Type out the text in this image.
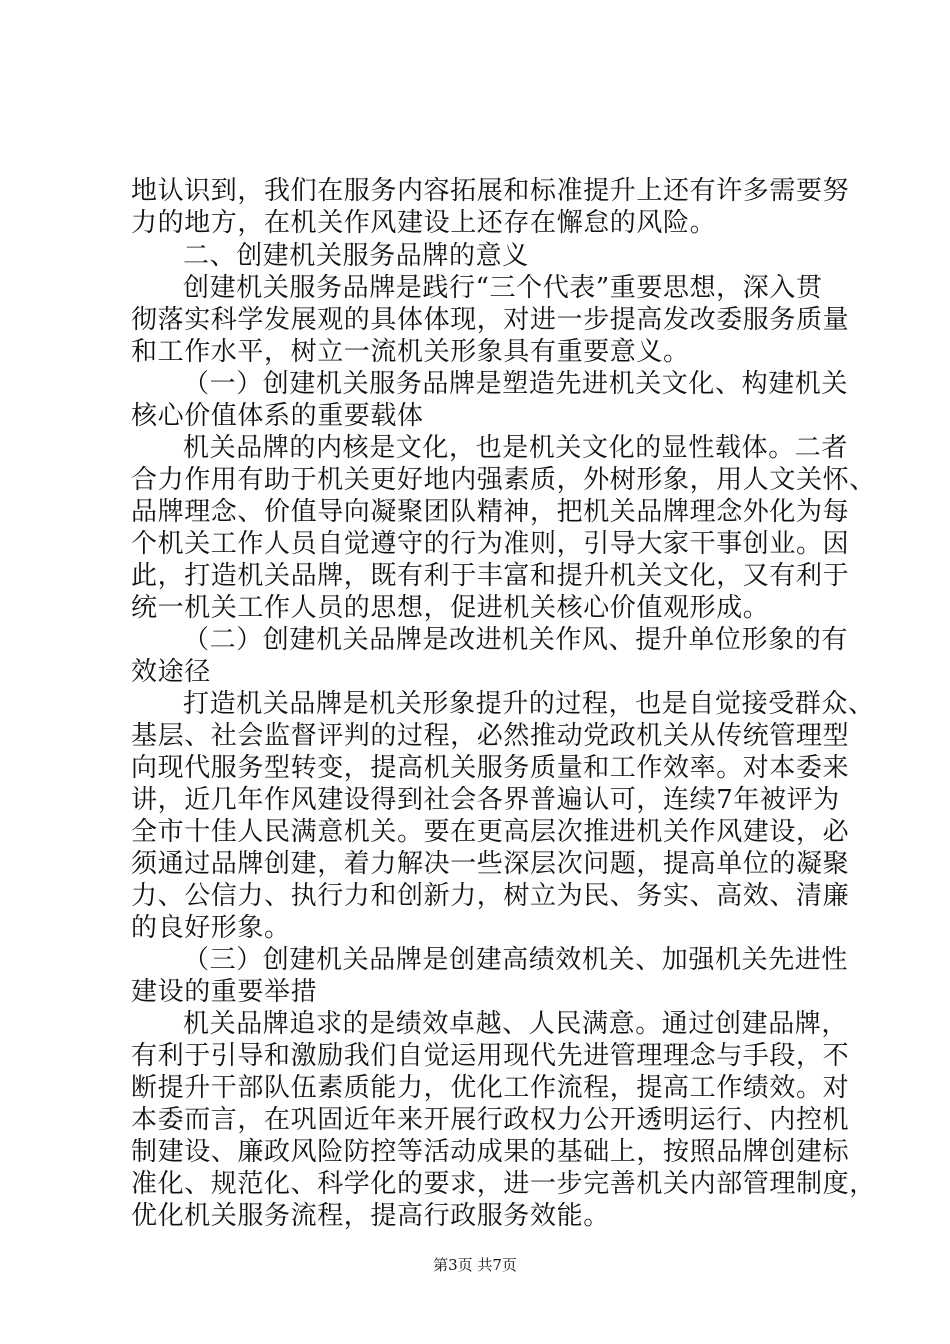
地认识到，我们在服务内容拓展和标准提升上还有许多需要努
力的地方，在机关作风建设上还存在懈怠的风险。
二、创建机关服务品牌的意义
创建机关服务品牌是践行“三个代表”重要思想，深入贯
彻落实科学发展观的具体体现，对进一步提高发改委服务质量
和工作水平，树立一流机关形象具有重要意义。
（一）创建机关服务品牌是塑造先进机关文化、构建机关
核心价值体系的重要载体
机关品牌的内核是文化，也是机关文化的显性载体。二者
合力作用有助于机关更好地内强素质，外树形象，用人文关怀、
品牌理念、价值导向凝聚团队精神，把机关品牌理念外化为每
个机关工作人员自觉遵守的行为准则，引导大家干事创业。因
此，打造机关品牌，既有利于丰富和提升机关文化，又有利于
统一机关工作人员的思想，促进机关核心价值观形成。
（二）创建机关品牌是改进机关作风、提升单位形象的有
效途径
打造机关品牌是机关形象提升的过程，也是自觉接受群众、
基层、社会监督评判的过程，必然推动党政机关从传统管理型
向现代服务型转变，提高机关服务质量和工作效率。对本委来
讲，近几年作风建设得到社会各界普遍认可，连续7年被评为
全市十佳人民满意机关。要在更高层次推进机关作风建设，必
须通过品牌创建，着力解决一些深层次问题，提高单位的凝聚
力、公信力、执行力和创新力，树立为民、务实、高效、清廉
的良好形象。
（三）创建机关品牌是创建高绩效机关、加强机关先进性
建设的重要举措
机关品牌追求的是绩效卓越、人民满意。通过创建品牌，
有利于引导和激励我们自觉运用现代先进管理理念与手段，不
断提升干部队伍素质能力，优化工作流程，提高工作绩效。对
本委而言，在巩固近年来开展行政权力公开透明运行、内控机
制建设、廉政风险防控等活动成果的基础上，按照品牌创建标
准化、规范化、科学化的要求，进一步完善机关内部管理制度，
优化机关服务流程，提高行政服务效能。
第3页 共7页
